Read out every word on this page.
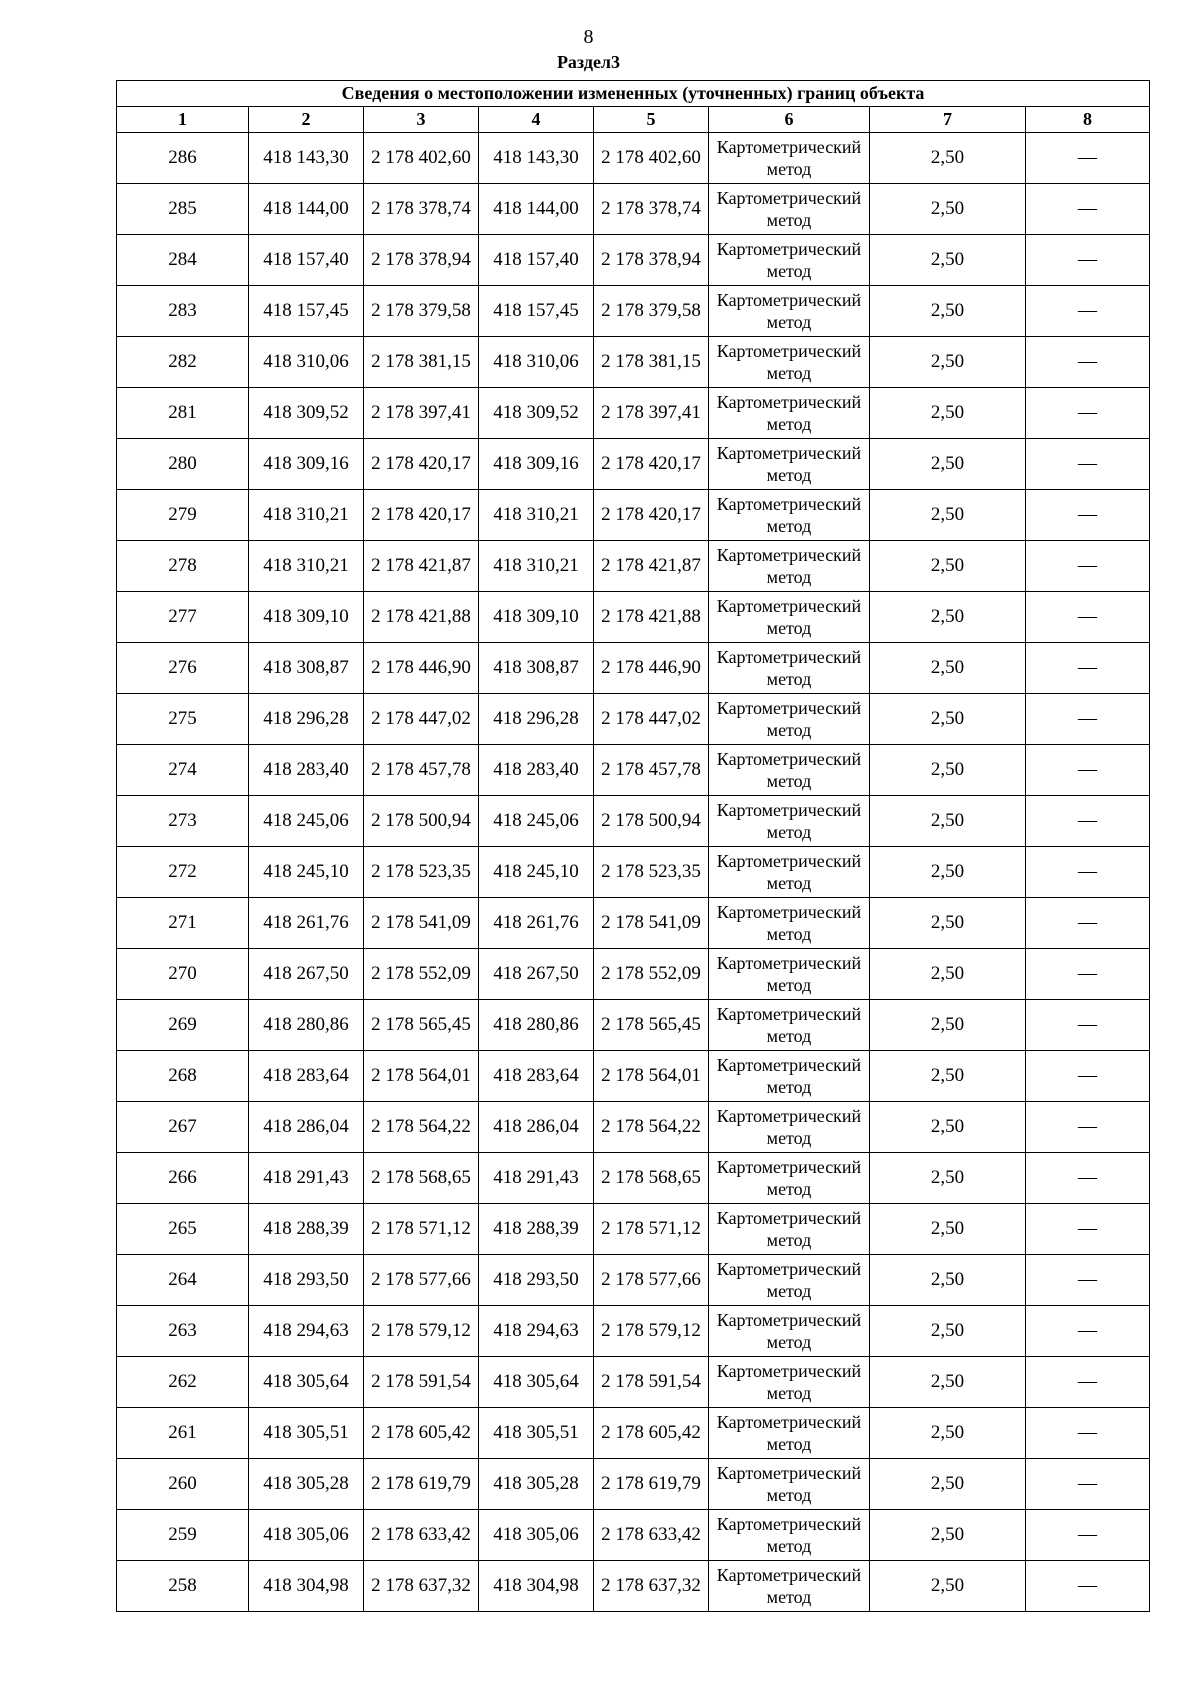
8
Раздел3
Сведения о местоположении измененных (уточненных) границ объекта							
1	2	3	4	5	6	7	8
286	418 143,30	2 178 402,60	418 143,30	2 178 402,60	Картометрический метод	2,50	—
285	418 144,00	2 178 378,74	418 144,00	2 178 378,74	Картометрический метод	2,50	—
284	418 157,40	2 178 378,94	418 157,40	2 178 378,94	Картометрический метод	2,50	—
283	418 157,45	2 178 379,58	418 157,45	2 178 379,58	Картометрический метод	2,50	—
282	418 310,06	2 178 381,15	418 310,06	2 178 381,15	Картометрический метод	2,50	—
281	418 309,52	2 178 397,41	418 309,52	2 178 397,41	Картометрический метод	2,50	—
280	418 309,16	2 178 420,17	418 309,16	2 178 420,17	Картометрический метод	2,50	—
279	418 310,21	2 178 420,17	418 310,21	2 178 420,17	Картометрический метод	2,50	—
278	418 310,21	2 178 421,87	418 310,21	2 178 421,87	Картометрический метод	2,50	—
277	418 309,10	2 178 421,88	418 309,10	2 178 421,88	Картометрический метод	2,50	—
276	418 308,87	2 178 446,90	418 308,87	2 178 446,90	Картометрический метод	2,50	—
275	418 296,28	2 178 447,02	418 296,28	2 178 447,02	Картометрический метод	2,50	—
274	418 283,40	2 178 457,78	418 283,40	2 178 457,78	Картометрический метод	2,50	—
273	418 245,06	2 178 500,94	418 245,06	2 178 500,94	Картометрический метод	2,50	—
272	418 245,10	2 178 523,35	418 245,10	2 178 523,35	Картометрический метод	2,50	—
271	418 261,76	2 178 541,09	418 261,76	2 178 541,09	Картометрический метод	2,50	—
270	418 267,50	2 178 552,09	418 267,50	2 178 552,09	Картометрический метод	2,50	—
269	418 280,86	2 178 565,45	418 280,86	2 178 565,45	Картометрический метод	2,50	—
268	418 283,64	2 178 564,01	418 283,64	2 178 564,01	Картометрический метод	2,50	—
267	418 286,04	2 178 564,22	418 286,04	2 178 564,22	Картометрический метод	2,50	—
266	418 291,43	2 178 568,65	418 291,43	2 178 568,65	Картометрический метод	2,50	—
265	418 288,39	2 178 571,12	418 288,39	2 178 571,12	Картометрический метод	2,50	—
264	418 293,50	2 178 577,66	418 293,50	2 178 577,66	Картометрический метод	2,50	—
263	418 294,63	2 178 579,12	418 294,63	2 178 579,12	Картометрический метод	2,50	—
262	418 305,64	2 178 591,54	418 305,64	2 178 591,54	Картометрический метод	2,50	—
261	418 305,51	2 178 605,42	418 305,51	2 178 605,42	Картометрический метод	2,50	—
260	418 305,28	2 178 619,79	418 305,28	2 178 619,79	Картометрический метод	2,50	—
259	418 305,06	2 178 633,42	418 305,06	2 178 633,42	Картометрический метод	2,50	—
258	418 304,98	2 178 637,32	418 304,98	2 178 637,32	Картометрический метод	2,50	—
